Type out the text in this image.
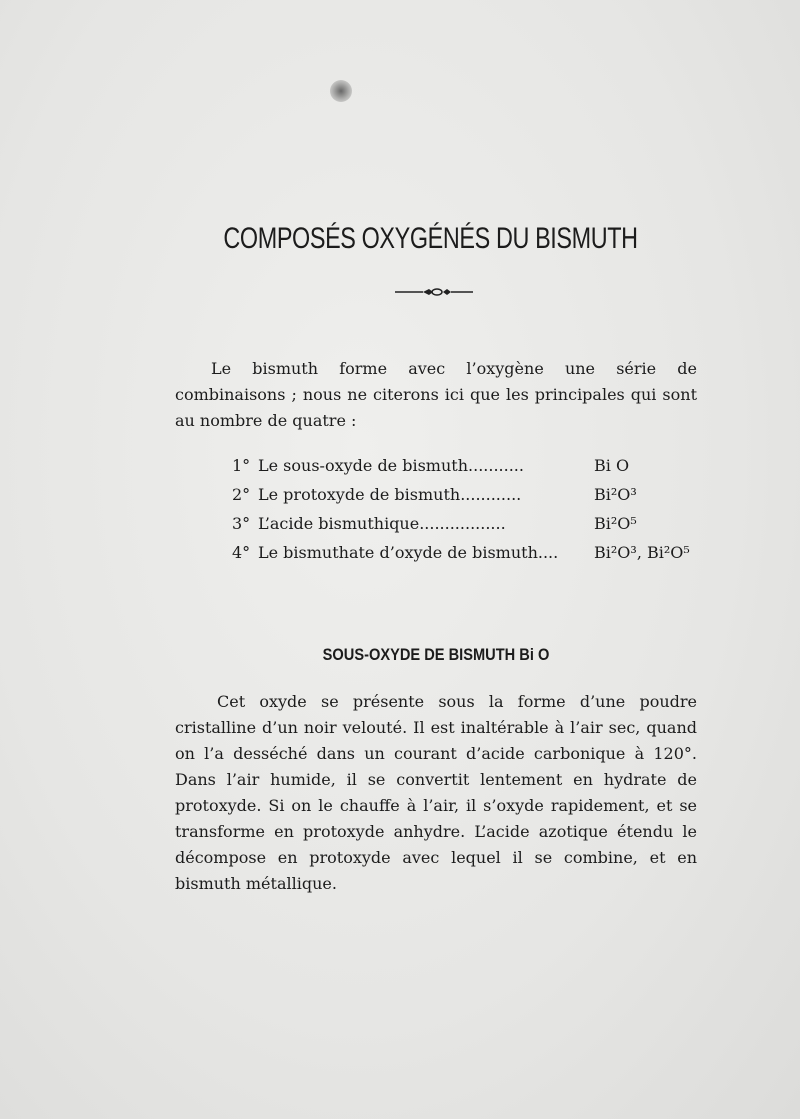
COMPOSÉS OXYGÉNÉS DU BISMUTH

Le bismuth forme avec l’oxygène une série de combinaisons ; nous ne citerons ici que les principales qui sont au nombre de quatre :

1° Le sous-oxyde de bismuth...........	Bi O
2° Le protoxyde de bismuth............	Bi²O³
3° L’acide bismuthique.................	Bi²O⁵
4° Le bismuthate d’oxyde de bismuth.... Bi²O³, Bi²O⁵
SOUS-OXYDE DE BISMUTH Bi O

Cet oxyde se présente sous la forme d’une poudre cristalline d’un noir velouté. Il est inaltérable à l’air sec, quand on l’a desséché dans un courant d’acide carbonique à 120°. Dans l’air humide, il se convertit lentement en hydrate de protoxyde. Si on le chauffe à l’air, il s’oxyde rapidement, et se transforme en protoxyde anhydre. L’acide azotique étendu le décompose en protoxyde avec lequel il se combine, et en bismuth métallique.
